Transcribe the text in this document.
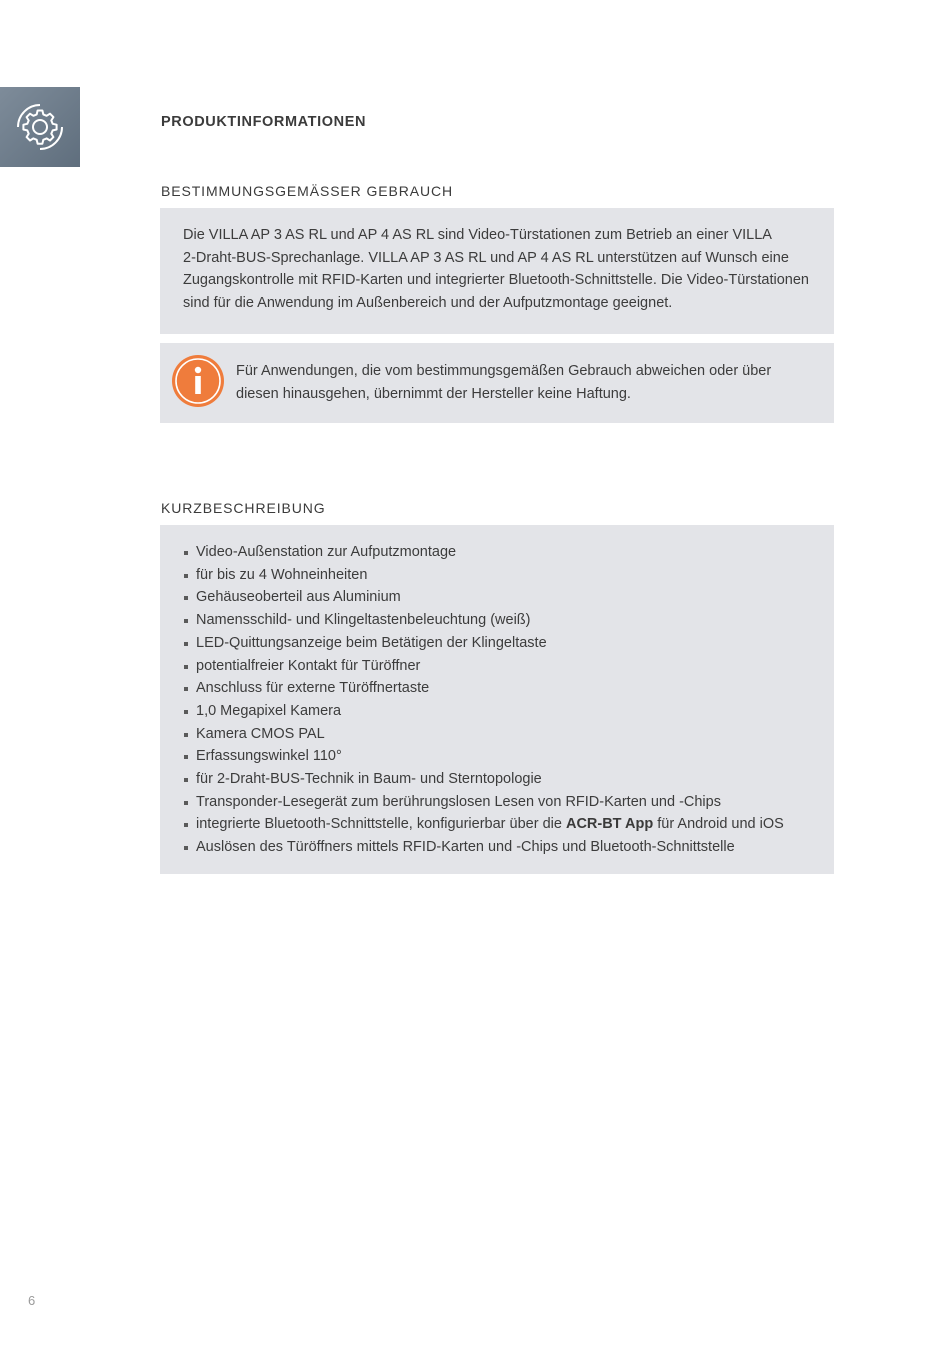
PRODUKTINFORMATIONEN
BESTIMMUNGSGEMÄSSER GEBRAUCH

Die VILLA AP 3 AS RL und AP 4 AS RL sind Video-Türstationen zum Betrieb an einer VILLA
2-Draht-BUS-Sprechanlage. VILLA AP 3 AS RL und AP 4 AS RL unterstützen auf Wunsch eine
Zugangskontrolle mit RFID-Karten und integrierter Bluetooth-Schnittstelle. Die Video-Türstationen
sind für die Anwendung im Außenbereich und der Aufputzmontage geeignet.

Für Anwendungen, die vom bestimmungsgemäßen Gebrauch abweichen oder über
diesen hinausgehen, übernimmt der Hersteller keine Haftung.

KURZBESCHREIBUNG
Video-Außenstation zur Aufputzmontage
für bis zu 4 Wohneinheiten
Gehäuseoberteil aus Aluminium
Namensschild- und Klingeltastenbeleuchtung (weiß)
LED-Quittungsanzeige beim Betätigen der Klingeltaste
potentialfreier Kontakt für Türöffner
Anschluss für externe Türöffnertaste
1,0 Megapixel Kamera
Kamera CMOS PAL
Erfassungswinkel 110°
für 2-Draht-BUS-Technik in Baum- und Sterntopologie
Transponder-Lesegerät zum berührungslosen Lesen von RFID-Karten und -Chips
integrierte Bluetooth-Schnittstelle, konfigurierbar über die ACR-BT App für Android und iOS
Auslösen des Türöffners mittels RFID-Karten und -Chips und Bluetooth-Schnittstelle
6
